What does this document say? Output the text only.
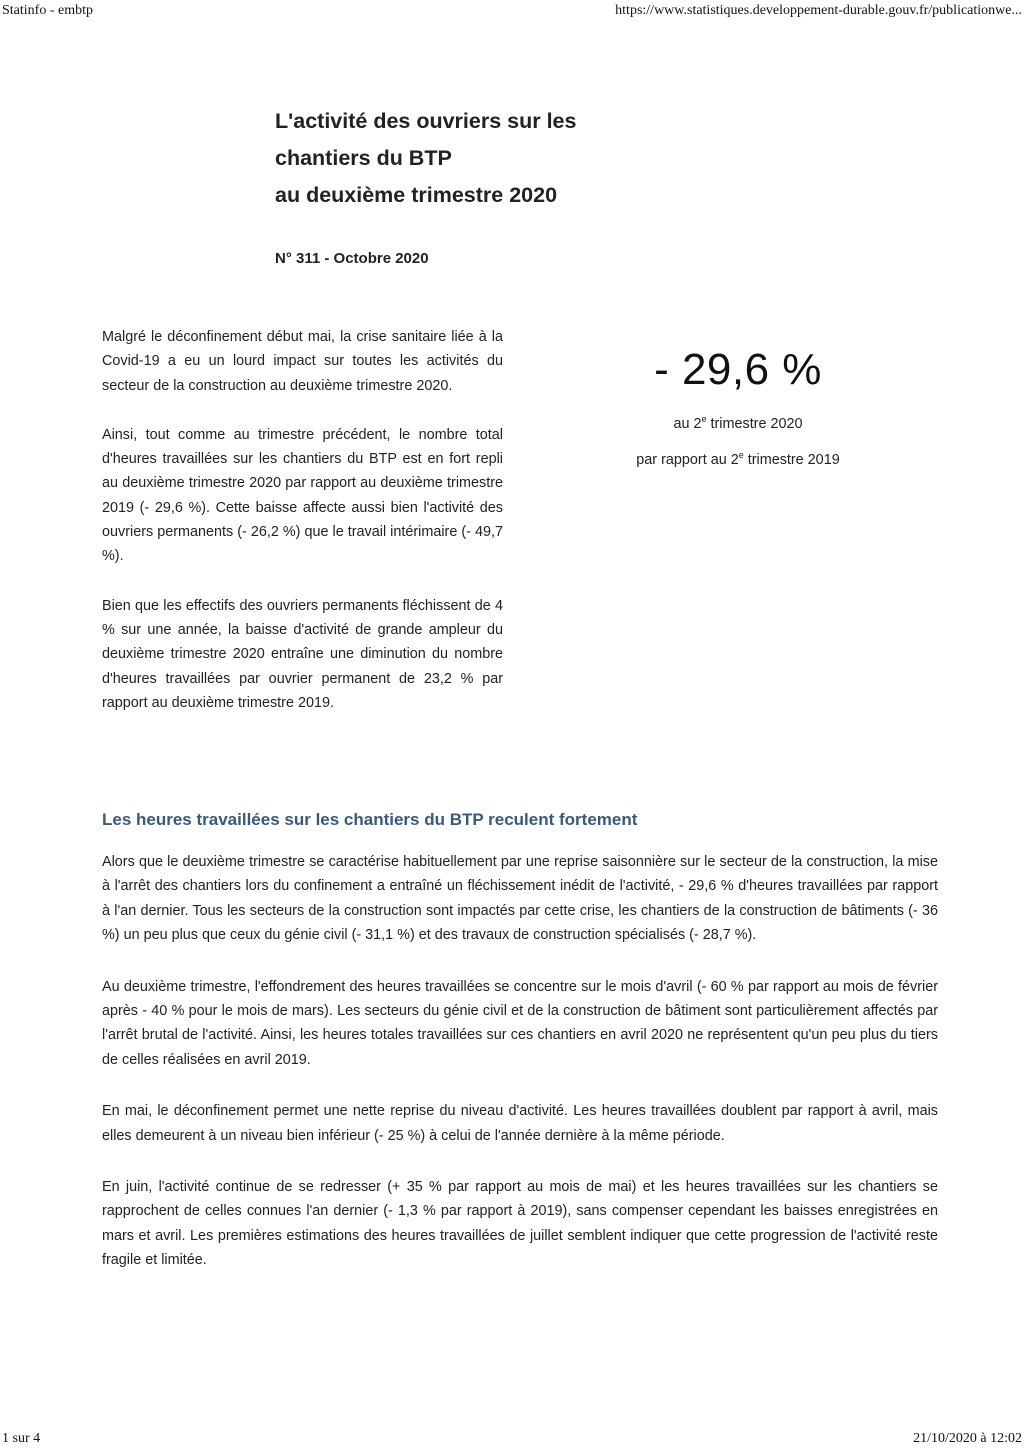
Statinfo - embtp	https://www.statistiques.developpement-durable.gouv.fr/publicationwe...
L'activité des ouvriers sur les
chantiers du BTP
au deuxième trimestre 2020
N° 311 - Octobre 2020

Malgré le déconfinement début mai, la crise sanitaire liée à la Covid-19 a eu un lourd impact sur toutes les activités du secteur de la construction au deuxième trimestre 2020.

Ainsi, tout comme au trimestre précédent, le nombre total d'heures travaillées sur les chantiers du BTP est en fort repli au deuxième trimestre 2020 par rapport au deuxième trimestre 2019 (- 29,6 %). Cette baisse affecte aussi bien l'activité des ouvriers permanents (- 26,2 %) que le travail intérimaire (- 49,7 %).

Bien que les effectifs des ouvriers permanents fléchissent de 4 % sur une année, la baisse d'activité de grande ampleur du deuxième trimestre 2020 entraîne une diminution du nombre d'heures travaillées par ouvrier permanent de 23,2 % par rapport au deuxième trimestre 2019.

- 29,6 %
au 2e trimestre 2020
par rapport au 2e trimestre 2019
Les heures travaillées sur les chantiers du BTP reculent fortement

Alors que le deuxième trimestre se caractérise habituellement par une reprise saisonnière sur le secteur de la construction, la mise à l'arrêt des chantiers lors du confinement a entraîné un fléchissement inédit de l'activité, - 29,6 % d'heures travaillées par rapport à l'an dernier. Tous les secteurs de la construction sont impactés par cette crise, les chantiers de la construction de bâtiments (- 36 %) un peu plus que ceux du génie civil (- 31,1 %) et des travaux de construction spécialisés (- 28,7 %).

Au deuxième trimestre, l'effondrement des heures travaillées se concentre sur le mois d'avril (- 60 % par rapport au mois de février après - 40 % pour le mois de mars). Les secteurs du génie civil et de la construction de bâtiment sont particulièrement affectés par l'arrêt brutal de l'activité. Ainsi, les heures totales travaillées sur ces chantiers en avril 2020 ne représentent qu'un peu plus du tiers de celles réalisées en avril 2019.

En mai, le déconfinement permet une nette reprise du niveau d'activité. Les heures travaillées doublent par rapport à avril, mais elles demeurent à un niveau bien inférieur (- 25 %) à celui de l'année dernière à la même période.

En juin, l'activité continue de se redresser (+ 35 % par rapport au mois de mai) et les heures travaillées sur les chantiers se rapprochent de celles connues l'an dernier (- 1,3 % par rapport à 2019), sans compenser cependant les baisses enregistrées en mars et avril. Les premières estimations des heures travaillées de juillet semblent indiquer que cette progression de l'activité reste fragile et limitée.

1 sur 4	21/10/2020 à 12:02
